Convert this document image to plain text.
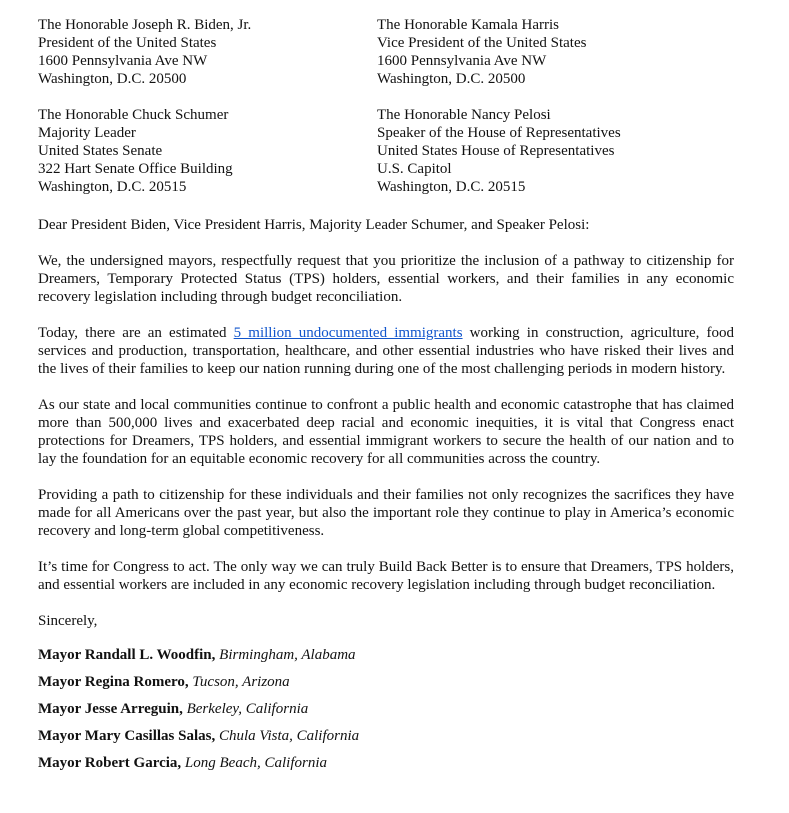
The Honorable Joseph R. Biden, Jr.
President of the United States
1600 Pennsylvania Ave NW
Washington, D.C. 20500
The Honorable Kamala Harris
Vice President of the United States
1600 Pennsylvania Ave NW
Washington, D.C. 20500
The Honorable Chuck Schumer
Majority Leader
United States Senate
322 Hart Senate Office Building
Washington, D.C. 20515
The Honorable Nancy Pelosi
Speaker of the House of Representatives
United States House of Representatives
U.S. Capitol
Washington, D.C. 20515
Dear President Biden, Vice President Harris, Majority Leader Schumer, and Speaker Pelosi:
We, the undersigned mayors, respectfully request that you prioritize the inclusion of a pathway to citizenship for Dreamers, Temporary Protected Status (TPS) holders, essential workers, and their families in any economic recovery legislation including through budget reconciliation.
Today, there are an estimated 5 million undocumented immigrants working in construction, agriculture, food services and production, transportation, healthcare, and other essential industries who have risked their lives and the lives of their families to keep our nation running during one of the most challenging periods in modern history.
As our state and local communities continue to confront a public health and economic catastrophe that has claimed more than 500,000 lives and exacerbated deep racial and economic inequities, it is vital that Congress enact protections for Dreamers, TPS holders, and essential immigrant workers to secure the health of our nation and to lay the foundation for an equitable economic recovery for all communities across the country.
Providing a path to citizenship for these individuals and their families not only recognizes the sacrifices they have made for all Americans over the past year, but also the important role they continue to play in America’s economic recovery and long-term global competitiveness.
It’s time for Congress to act. The only way we can truly Build Back Better is to ensure that Dreamers, TPS holders, and essential workers are included in any economic recovery legislation including through budget reconciliation.
Sincerely,
Mayor Randall L. Woodfin, Birmingham, Alabama
Mayor Regina Romero, Tucson, Arizona
Mayor Jesse Arreguin, Berkeley, California
Mayor Mary Casillas Salas, Chula Vista, California
Mayor Robert Garcia, Long Beach, California
